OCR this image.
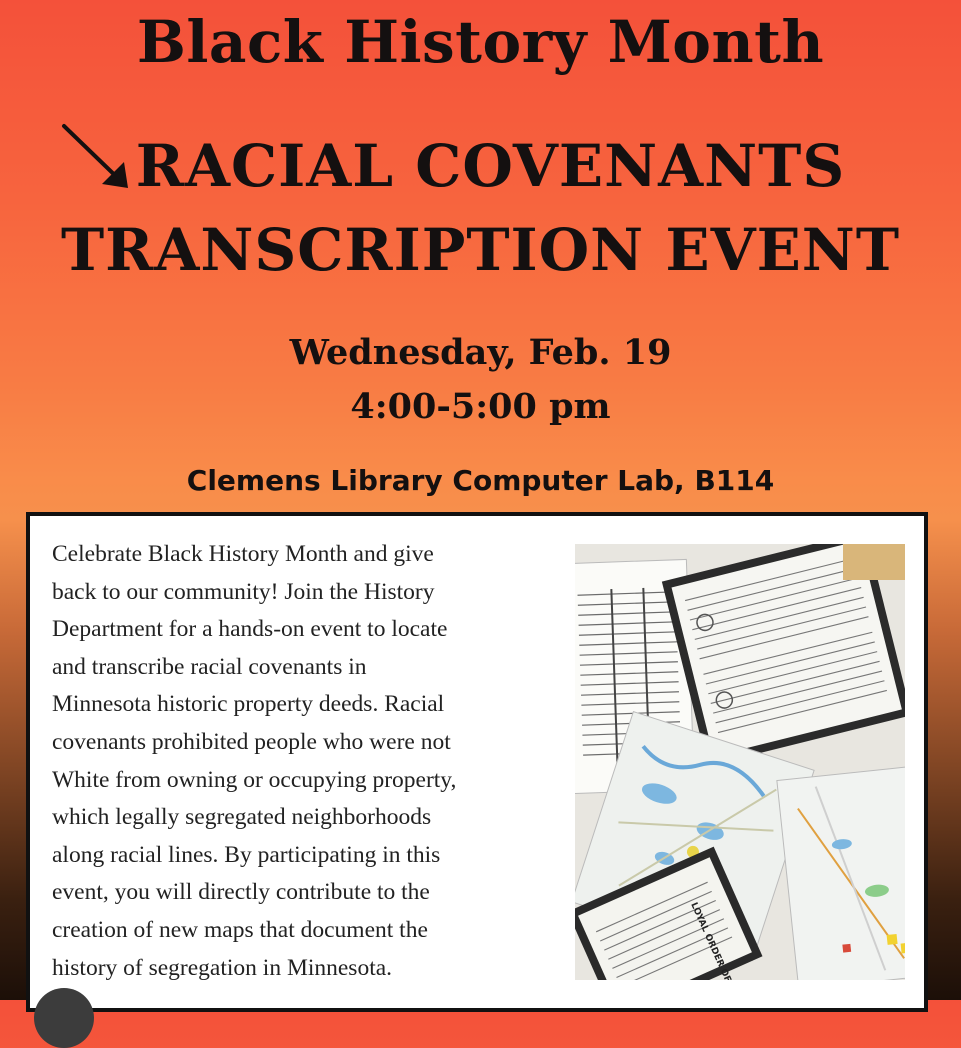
Black History Month
RACIAL COVENANTS
TRANSCRIPTION EVENT
Wednesday, Feb. 19
4:00-5:00 pm
Clemens Library Computer Lab, B114
Celebrate Black History Month and give
back to our community! Join the History
Department for a hands-on event to locate
and transcribe racial covenants in
Minnesota historic property deeds. Racial
covenants prohibited people who were not
White from owning or occupying property,
which legally segregated neighborhoods
along racial lines. By participating in this
event, you will directly contribute to the
creation of new maps that document the
history of segregation in Minnesota.
